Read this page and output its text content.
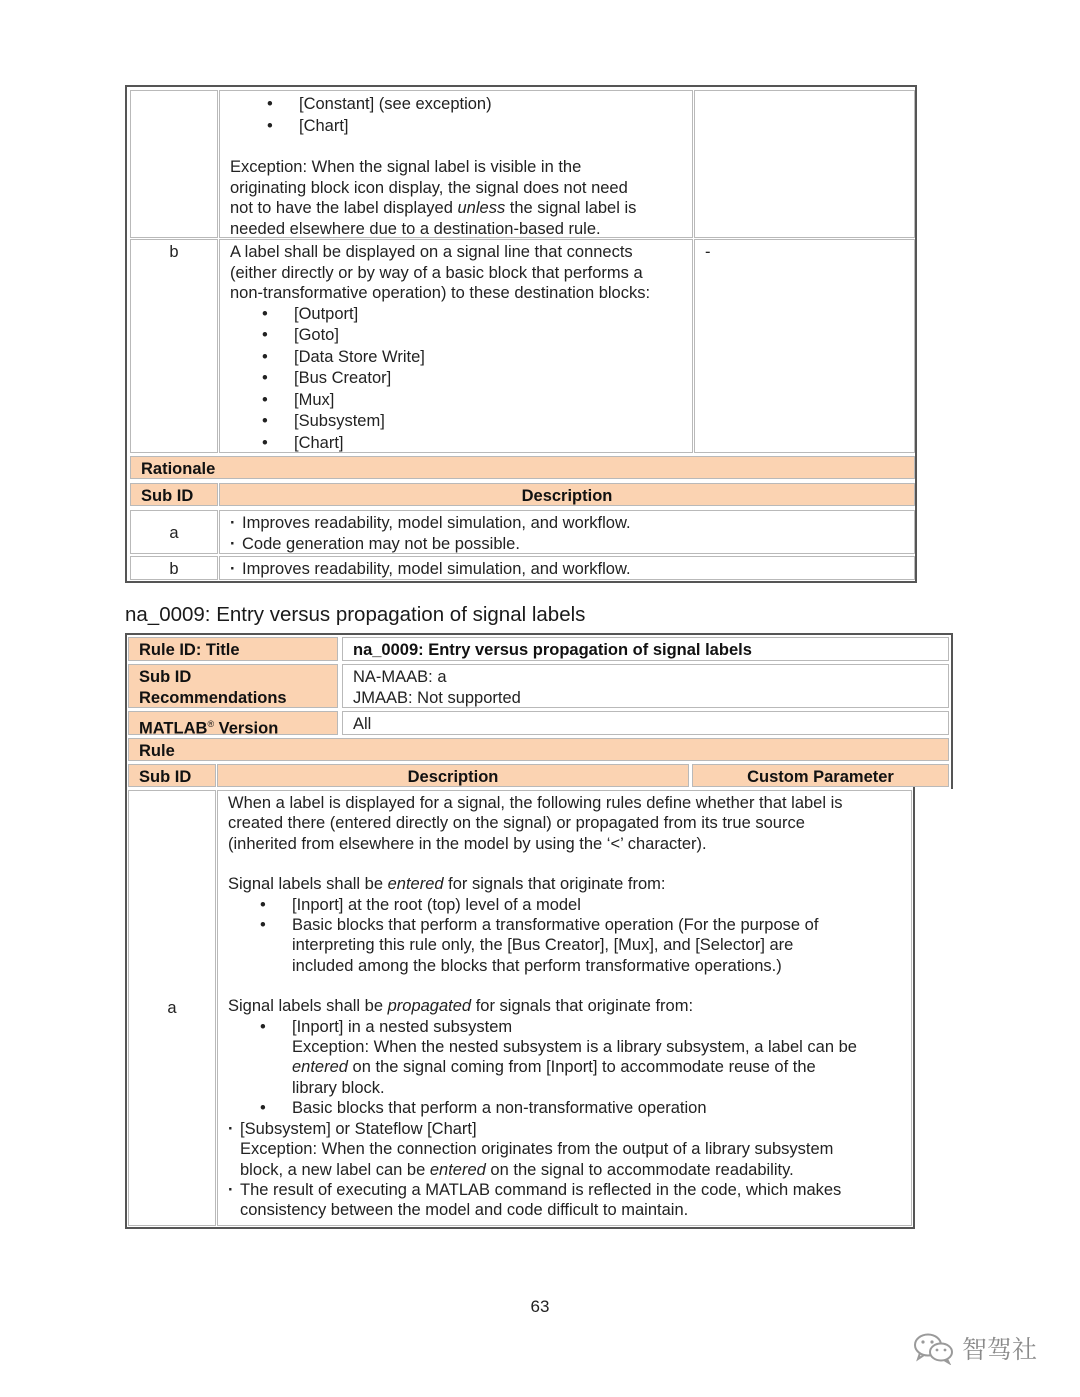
• [Constant] (see exception)
• [Chart]
Exception: When the signal label is visible in the
originating block icon display, the signal does not need
not to have the label displayed unless the signal label is
needed elsewhere due to a destination-based rule.
b	A label shall be displayed on a signal line that connects
(either directly or by way of a basic block that performs a
non-transformative operation) to these destination blocks:
• [Outport]
• [Goto]
• [Data Store Write]
• [Bus Creator]
• [Mux]
• [Subsystem]
• [Chart]
-
Rationale
Sub ID	Description
a
· Improves readability, model simulation, and workflow.
· Code generation may not be possible.
b
·	Improves readability, model simulation, and workflow.
na_0009: Entry versus propagation of signal labels
Rule ID: Title	na_0009: Entry versus propagation of signal labels
Sub ID
Recommendations
NA-MAAB: a
JMAAB: Not supported
MATLAB® Version	All
Rule
Sub ID	Description	Custom Parameter
a
When a label is displayed for a signal, the following rules define whether that label is
created there (entered directly on the signal) or propagated from its true source
(inherited from elsewhere in the model by using the ‘<’ character).
Signal labels shall be entered for signals that originate from:
• [Inport] at the root (top) level of a model
• Basic blocks that perform a transformative operation (For the purpose of
interpreting this rule only, the [Bus Creator], [Mux], and [Selector] are
included among the blocks that perform transformative operations.)
Signal labels shall be propagated for signals that originate from:
• [Inport] in a nested subsystem
Exception: When the nested subsystem is a library subsystem, a label can be
entered on the signal coming from [Inport] to accommodate reuse of the
library block.
• Basic blocks that perform a non-transformative operation
· [Subsystem] or Stateflow [Chart]
Exception: When the connection originates from the output of a library subsystem
block, a new label can be entered on the signal to accommodate readability.
· The result of executing a MATLAB command is reflected in the code, which makes
consistency between the model and code difficult to maintain.
63
智驾社
